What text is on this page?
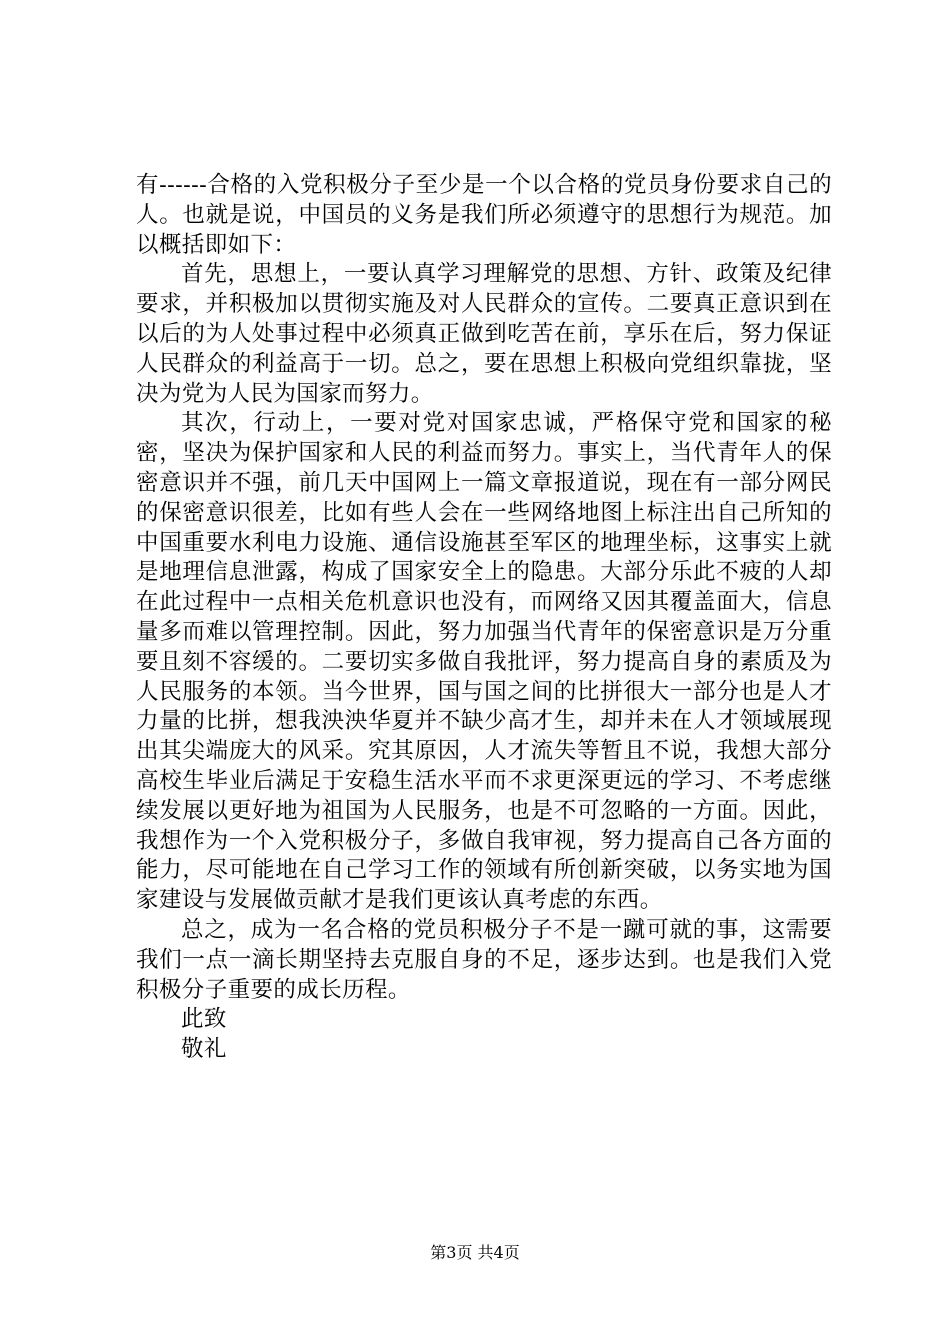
有------合格的入党积极分子至少是一个以合格的党员身份要求自己的人。也就是说，中国员的义务是我们所必须遵守的思想行为规范。加以概括即如下：

首先，思想上，一要认真学习理解党的思想、方针、政策及纪律要求，并积极加以贯彻实施及对人民群众的宣传。二要真正意识到在以后的为人处事过程中必须真正做到吃苦在前，享乐在后，努力保证人民群众的利益高于一切。总之，要在思想上积极向党组织靠拢，坚决为党为人民为国家而努力。

其次，行动上，一要对党对国家忠诚，严格保守党和国家的秘密，坚决为保护国家和人民的利益而努力。事实上，当代青年人的保密意识并不强，前几天中国网上一篇文章报道说，现在有一部分网民的保密意识很差，比如有些人会在一些网络地图上标注出自己所知的中国重要水利电力设施、通信设施甚至军区的地理坐标，这事实上就是地理信息泄露，构成了国家安全上的隐患。大部分乐此不疲的人却在此过程中一点相关危机意识也没有，而网络又因其覆盖面大，信息量多而难以管理控制。因此，努力加强当代青年的保密意识是万分重要且刻不容缓的。二要切实多做自我批评，努力提高自身的素质及为人民服务的本领。当今世界，国与国之间的比拼很大一部分也是人才力量的比拼，想我泱泱华夏并不缺少高才生，却并未在人才领域展现出其尖端庞大的风采。究其原因，人才流失等暂且不说，我想大部分高校生毕业后满足于安稳生活水平而不求更深更远的学习、不考虑继续发展以更好地为祖国为人民服务，也是不可忽略的一方面。因此，我想作为一个入党积极分子，多做自我审视，努力提高自己各方面的能力，尽可能地在自己学习工作的领域有所创新突破，以务实地为国家建设与发展做贡献才是我们更该认真考虑的东西。

总之，成为一名合格的党员积极分子不是一蹴可就的事，这需要我们一点一滴长期坚持去克服自身的不足，逐步达到。也是我们入党积极分子重要的成长历程。

此致

敬礼

第3页 共4页
